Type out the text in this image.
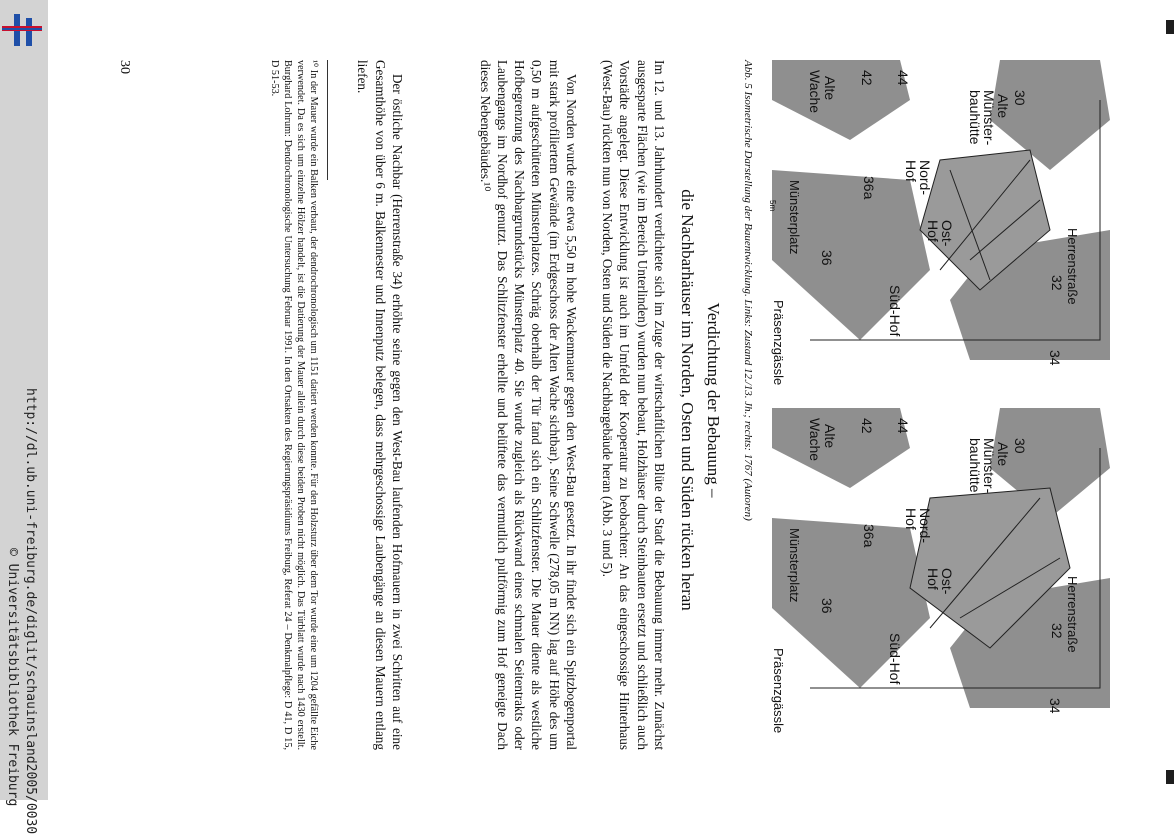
http://dl.ub.uni-freiburg.de/diglit/schauinsland2005/0030
© Universitätsbibliothek Freiburg
Herrenstraße
32
34
30
Alte
Münster-
bauhütte
44
42
Alte
Wache
Nord-
Hof
Ost-
Hof
Süd-Hof
36a
36
Münsterplatz
Präsenzgässle
5m
Herrenstraße
32
34
30
Alte
Münster-
bauhütte
44
42
Alte
Wache
Nord-
Hof
Ost-
Hof
Süd-Hof
36a
36
Münsterplatz
Präsenzgässle
Abb. 5 Isometrische Darstellung der Bauentwicklung. Links: Zustand 12./13. Jh.; rechts: 1767 (Autoren)
Verdichtung der Bebauung –
die Nachbarhäuser im Norden, Osten und Süden rücken heran
Im 12. und 13. Jahrhundert verdichtete sich im Zuge der wirtschaftlichen Blüte der Stadt die Bebauung immer mehr. Zunächst ausgesparte Flächen (wie im Bereich Unterlinden) wurden nun bebaut, Holzhäuser durch Steinbauten ersetzt und schließlich auch Vorstädte angelegt. Diese Entwicklung ist auch im Umfeld der Kooperatur zu beobachten: An das eingeschossige Hinterhaus (West-Bau) rückten nun von Norden, Osten und Süden die Nachbargebäude heran (Abb. 3 und 5).
Von Norden wurde eine etwa 5,50 m hohe Wackenmauer gegen den West-Bau gesetzt. In ihr findet sich ein Spitzbogenportal mit stark profiliertem Gewände (im Erdgeschoss der Alten Wache sichtbar). Seine Schwelle (278,05 m NN) lag auf Höhe des um 0,50 m aufgeschütteten Münsterplatzes. Schräg oberhalb der Tür fand sich ein Schlitzfenster. Die Mauer diente als westliche Hofbegrenzung des Nachbargrundstücks Münsterplatz 40. Sie wurde zugleich als Rückwand eines schmalen Seitentrakts oder Laubengangs im Nordhof genutzt. Das Schlitzfenster erhellte und belüftete das vermutlich pultförmig zum Hof geneigte Dach dieses Nebengebäudes.¹⁰
Der östliche Nachbar (Herrenstraße 34) erhöhte seine gegen den West-Bau laufenden Hofmauern in zwei Schritten auf eine Gesamthöhe von über 6 m. Balkennester und Innenputz belegen, dass mehrgeschossige Laubengänge an diesen Mauern entlang liefen.
¹⁰ In der Mauer wurde ein Balken verbaut, der dendrochronologisch um 1151 datiert werden konnte. Für den Holzsturz über dem Tor wurde eine um 1204 gefällte Eiche verwendet. Da es sich um einzelne Hölzer handelt, ist die Datierung der Mauer allein durch diese beiden Proben nicht möglich. Das Türblatt wurde nach 1430 erstellt. Burghard Lohrum: Dendrochronologische Untersuchung Februar 1991. In den Ortsakten des Regierungspräsidiums Freiburg, Referat 24 – Denkmalpflege: D 41, D 15, D 51-53.
30
